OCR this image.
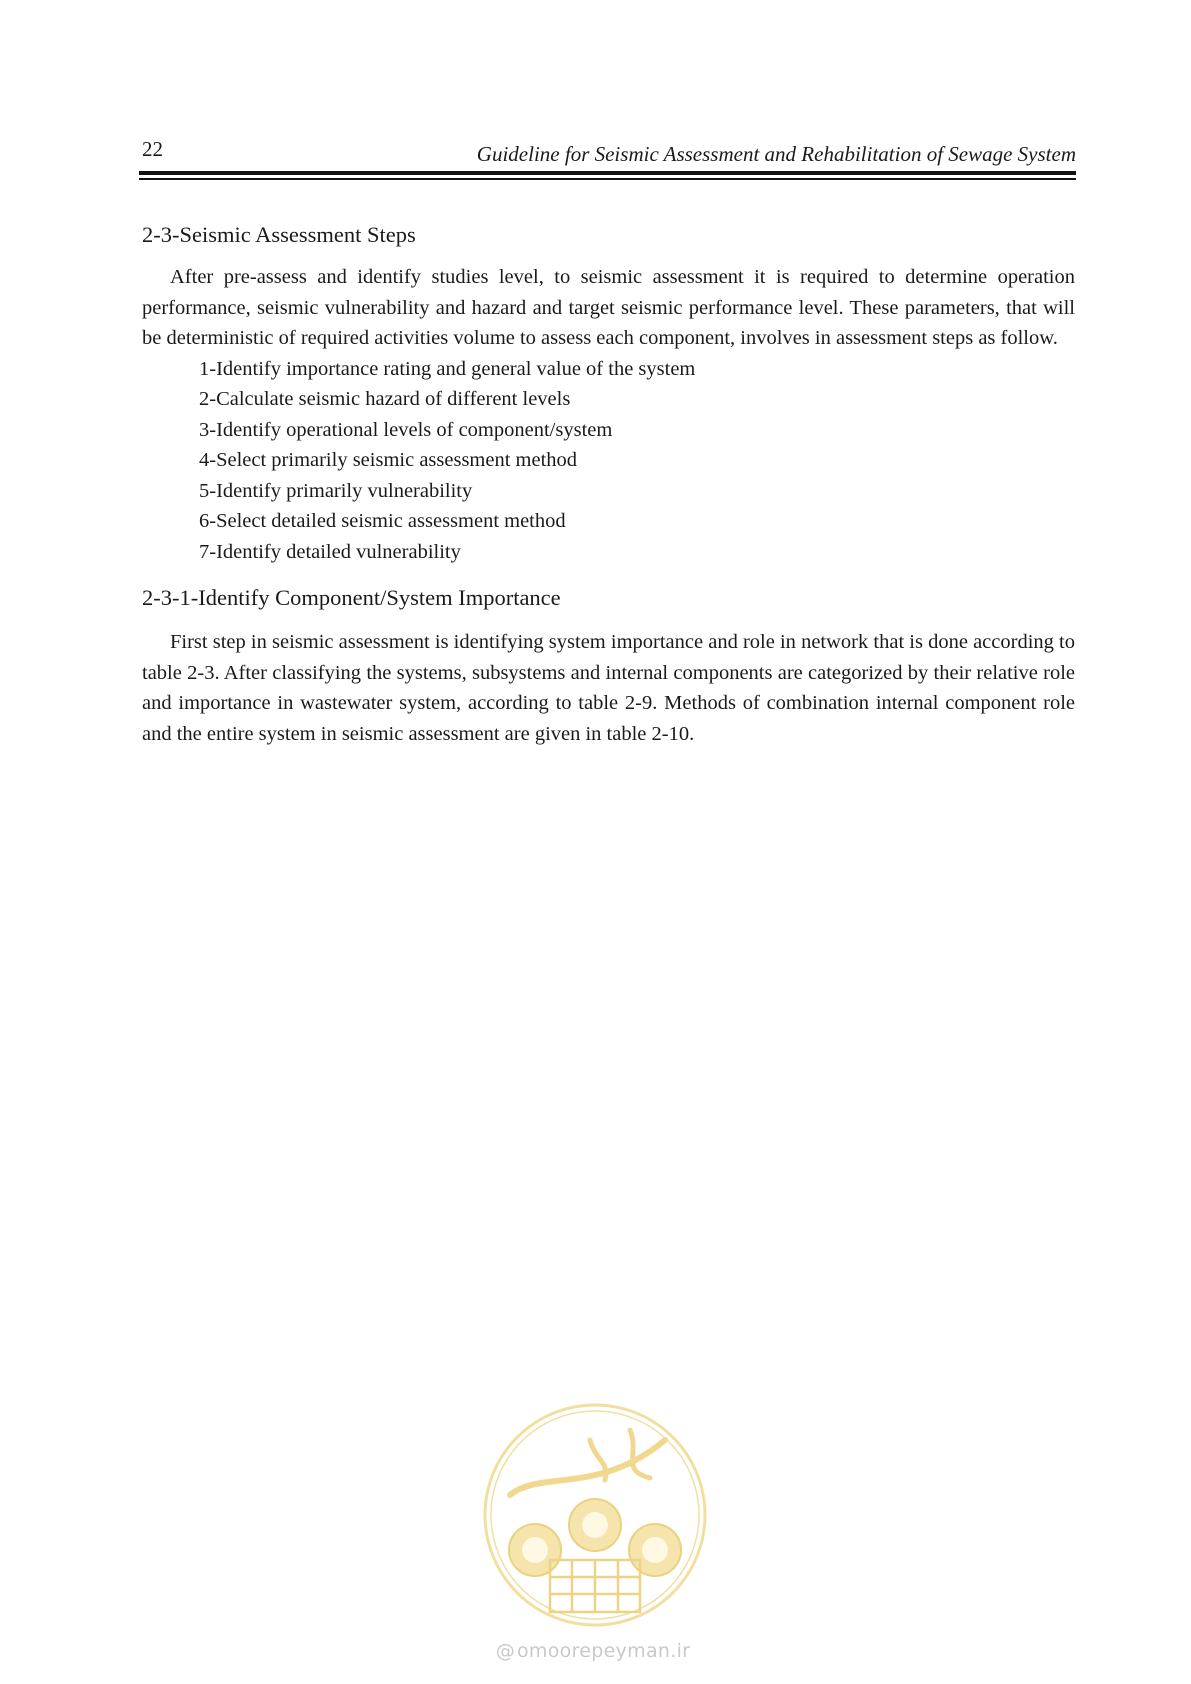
22	Guideline for Seismic Assessment and Rehabilitation of Sewage System
2-3-Seismic Assessment Steps

After pre-assess and identify studies level, to seismic assessment it is required to determine operation performance, seismic vulnerability and hazard and target seismic performance level. These parameters, that will be deterministic of required activities volume to assess each component, involves in assessment steps as follow.

1-Identify importance rating and general value of the system
2-Calculate seismic hazard of different levels
3-Identify operational levels of component/system
4-Select primarily seismic assessment method
5-Identify primarily vulnerability
6-Select detailed seismic assessment method
7-Identify detailed vulnerability
2-3-1-Identify Component/System Importance

First step in seismic assessment is identifying system importance and role in network that is done according to table 2-3. After classifying the systems, subsystems and internal components are categorized by their relative role and importance in wastewater system, according to table 2-9. Methods of combination internal component role and the entire system in seismic assessment are given in table 2-10.

@ omoorepeyman.ir
